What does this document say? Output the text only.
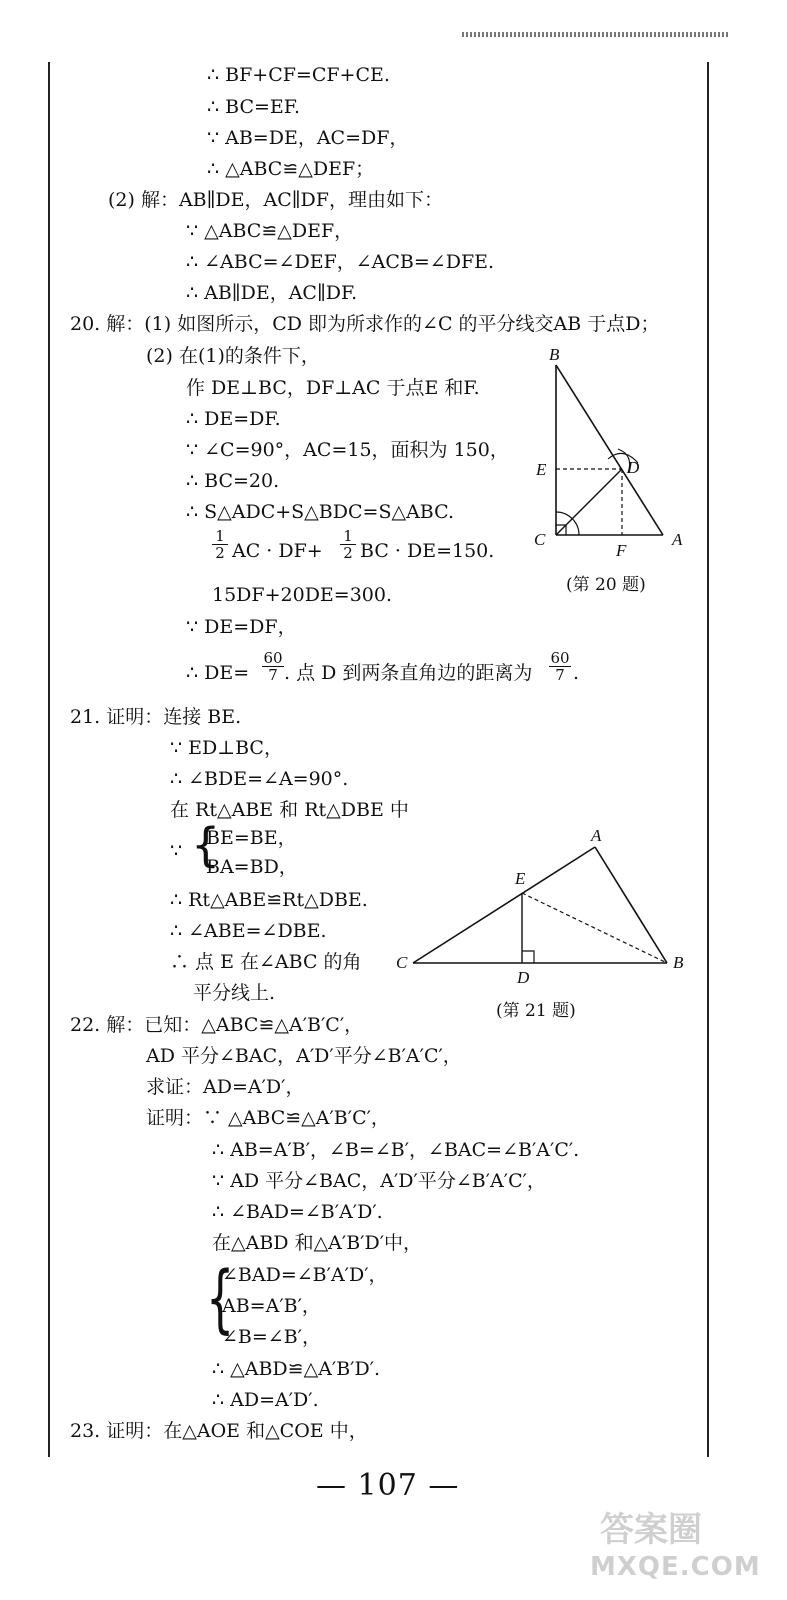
∴ BF+CF=CF+CE.
∴ BC=EF.
∵ AB=DE，AC=DF，
∴ △ABC≌△DEF；
(2) 解：AB∥DE，AC∥DF，理由如下：
∵ △ABC≌△DEF，
∴ ∠ABC=∠DEF，∠ACB=∠DFE.
∴ AB∥DE，AC∥DF.
20. 解：(1) 如图所示，CD 即为所求作的∠C 的平分线交AB 于点D；
(2) 在(1)的条件下，
作 DE⊥BC，DF⊥AC 于点E 和F.
∴ DE=DF.
∵ ∠C=90°，AC=15，面积为 150，
∴ BC=20.
∴ S△ADC+S△BDC=S△ABC.
1
2 AC · DF+
1
2 BC · DE=150.
15DF+20DE=300.
∵ DE=DF，
∴ DE=
60
7 . 点 D 到两条直角边的距离为
60
7 .
B
E	D
C
F
A
(第 20 题)
21. 证明：连接 BE.
∵ ED⊥BC，
∴ ∠BDE=∠A=90°.
在 Rt△ABE 和 Rt△DBE 中
∵ {
BE=BE，
BA=BD，
∴ Rt△ABE≌Rt△DBE.
∴ ∠ABE=∠DBE.
∴ 点 E 在∠ABC 的角
平分线上.
A
E
C
D
B
(第 21 题)
22. 解：已知：△ABC≌△A′B′C′，
AD 平分∠BAC，A′D′平分∠B′A′C′，
求证：AD=A′D′，
证明：∵ △ABC≌△A′B′C′，
∴ AB=A′B′，∠B=∠B′，∠BAC=∠B′A′C′.
∵ AD 平分∠BAC，A′D′平分∠B′A′C′，
∴ ∠BAD=∠B′A′D′.
在△ABD 和△A′B′D′中，
{
∠BAD=∠B′A′D′，
AB=A′B′，
∠B=∠B′，
∴ △ABD≌△A′B′D′.
∴ AD=A′D′.
23. 证明：在△AOE 和△COE 中，
— 107 —
答案圈
MXQE.COM
